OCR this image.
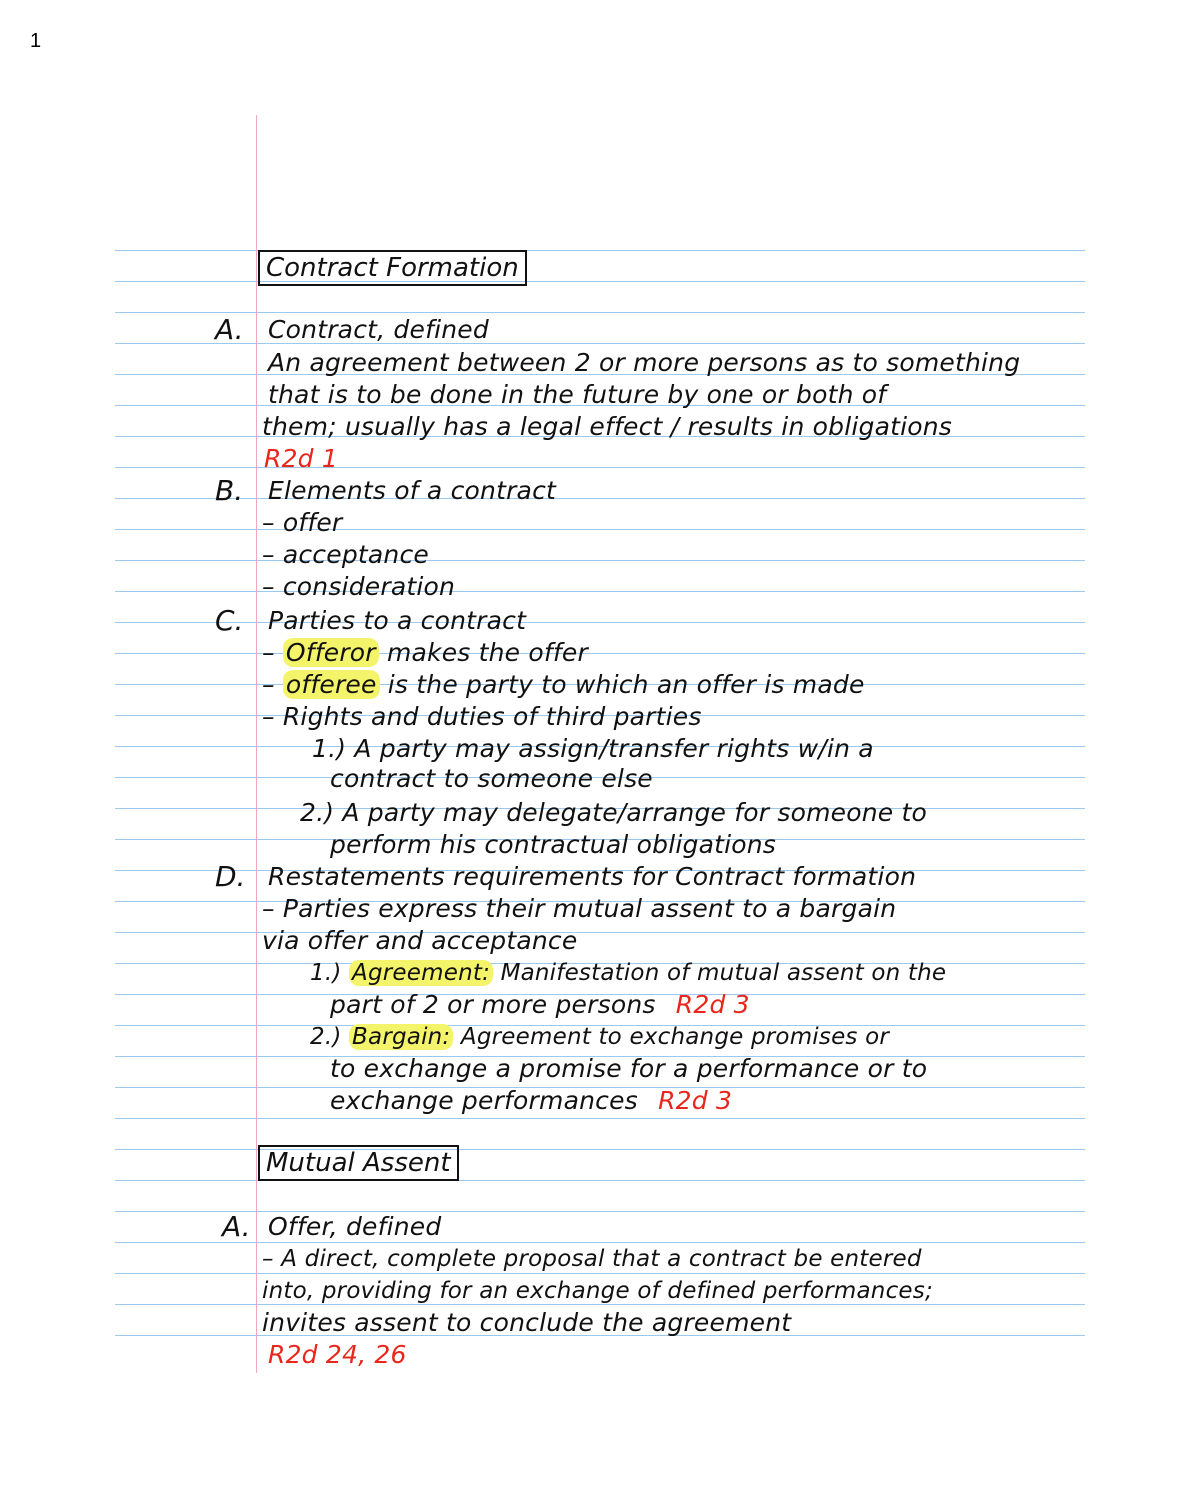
1
Contract Formation
A. Contract, defined
An agreement between 2 or more persons as to something
that is to be done in the future by one or both of
them; usually has a legal effect / results in obligations
R2d 1
B. Elements of a contract
– offer
– acceptance
– consideration
C. Parties to a contract
– Offeror makes the offer
– offeree is the party to which an offer is made
– Rights and duties of third parties
1.) A party may assign/transfer rights w/in a
contract to someone else
2.) A party may delegate/arrange for someone to
perform his contractual obligations
D. Restatements requirements for Contract formation
– Parties express their mutual assent to a bargain
via offer and acceptance
1.) Agreement: Manifestation of mutual assent on the
part of 2 or more persons R2d 3
2.) Bargain: Agreement to exchange promises or
to exchange a promise for a performance or to
exchange performances R2d 3
Mutual Assent
A. Offer, defined
– A direct, complete proposal that a contract be entered
into, providing for an exchange of defined performances;
invites assent to conclude the agreement
R2d 24, 26
